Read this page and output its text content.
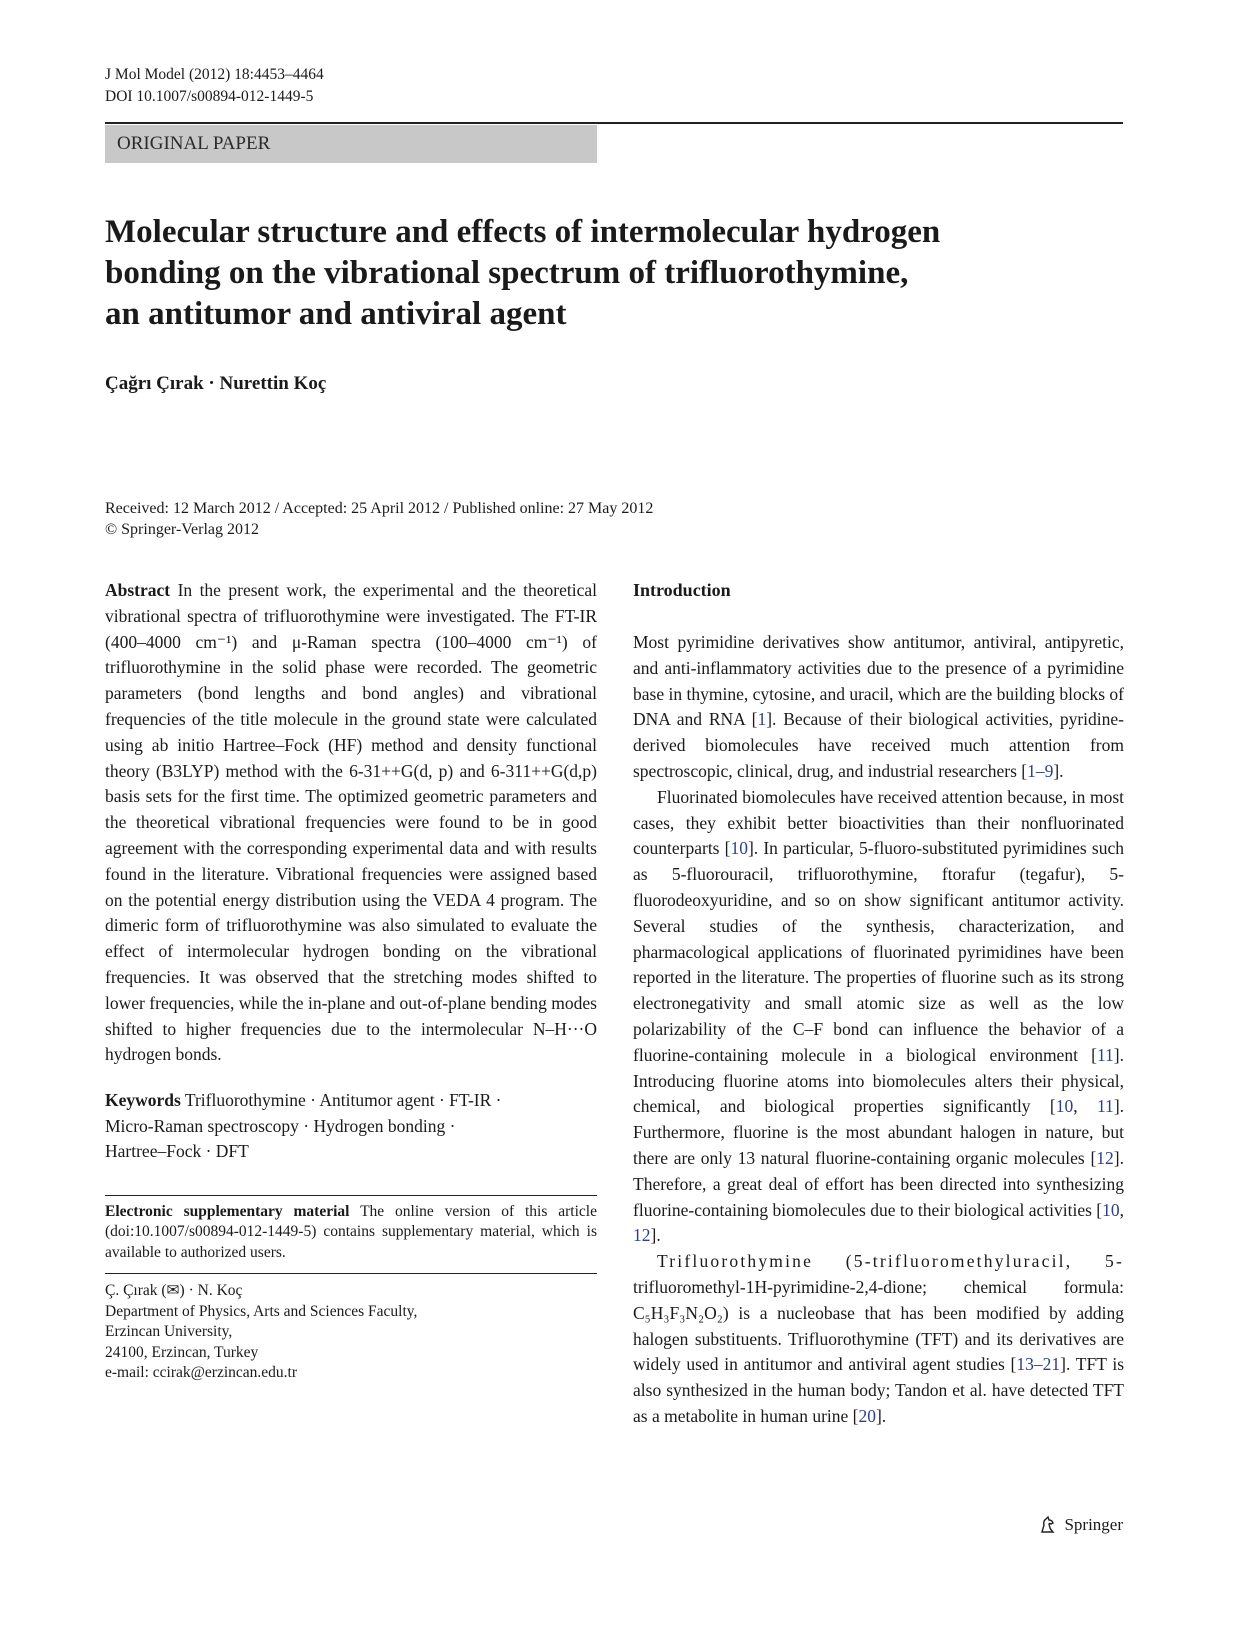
J Mol Model (2012) 18:4453–4464
DOI 10.1007/s00894-012-1449-5
ORIGINAL PAPER
Molecular structure and effects of intermolecular hydrogen
bonding on the vibrational spectrum of trifluorothymine,
an antitumor and antiviral agent
Çağrı Çırak · Nurettin Koç
Received: 12 March 2012 / Accepted: 25 April 2012 / Published online: 27 May 2012
© Springer-Verlag 2012

Abstract In the present work, the experimental and the theoretical vibrational spectra of trifluorothymine were investigated. The FT-IR (400–4000 cm⁻¹) and μ-Raman spectra (100–4000 cm⁻¹) of trifluorothymine in the solid phase were recorded. The geometric parameters (bond lengths and bond angles) and vibrational frequencies of the title molecule in the ground state were calculated using ab initio Hartree–Fock (HF) method and density functional theory (B3LYP) method with the 6-31++G(d, p) and 6-311++G(d,p) basis sets for the first time. The optimized geometric parameters and the theoretical vibrational frequencies were found to be in good agreement with the corresponding experimental data and with results found in the literature. Vibrational frequencies were assigned based on the potential energy distribution using the VEDA 4 program. The dimeric form of trifluorothymine was also simulated to evaluate the effect of intermolecular hydrogen bonding on the vibrational frequencies. It was observed that the stretching modes shifted to lower frequencies, while the in-plane and out-of-plane bending modes shifted to higher frequencies due to the intermolecular N–H···O hydrogen bonds.

Keywords Trifluorothymine · Antitumor agent · FT-IR ·
Micro-Raman spectroscopy · Hydrogen bonding ·
Hartree–Fock · DFT

Electronic supplementary material The online version of this article (doi:10.1007/s00894-012-1449-5) contains supplementary material, which is available to authorized users.

Ç. Çırak (✉) · N. Koç
Department of Physics, Arts and Sciences Faculty,
Erzincan University,
24100, Erzincan, Turkey
e-mail: ccirak@erzincan.edu.tr
Introduction

Most pyrimidine derivatives show antitumor, antiviral, antipyretic, and anti-inflammatory activities due to the presence of a pyrimidine base in thymine, cytosine, and uracil, which are the building blocks of DNA and RNA [1]. Because of their biological activities, pyridine-derived biomolecules have received much attention from spectroscopic, clinical, drug, and industrial researchers [1–9].

Fluorinated biomolecules have received attention because, in most cases, they exhibit better bioactivities than their nonfluorinated counterparts [10]. In particular, 5-fluoro-substituted pyrimidines such as 5-fluorouracil, trifluorothymine, ftorafur (tegafur), 5-fluorodeoxyuridine, and so on show significant antitumor activity. Several studies of the synthesis, characterization, and pharmacological applications of fluorinated pyrimidines have been reported in the literature. The properties of fluorine such as its strong electronegativity and small atomic size as well as the low polarizability of the C–F bond can influence the behavior of a fluorine-containing molecule in a biological environment [11]. Introducing fluorine atoms into biomolecules alters their physical, chemical, and biological properties significantly [10, 11]. Furthermore, fluorine is the most abundant halogen in nature, but there are only 13 natural fluorine-containing organic molecules [12]. Therefore, a great deal of effort has been directed into synthesizing fluorine-containing biomolecules due to their biological activities [10, 12].

Trifluorothymine (5-trifluoromethyluracil, 5- trifluoromethyl-1H-pyrimidine-2,4-dione; chemical formula: C₅H₃F₃N₂O₂) is a nucleobase that has been modified by adding halogen substituents. Trifluorothymine (TFT) and its derivatives are widely used in antitumor and antiviral agent studies [13–21]. TFT is also synthesized in the human body; Tandon et al. have detected TFT as a metabolite in human urine [20].

Springer
